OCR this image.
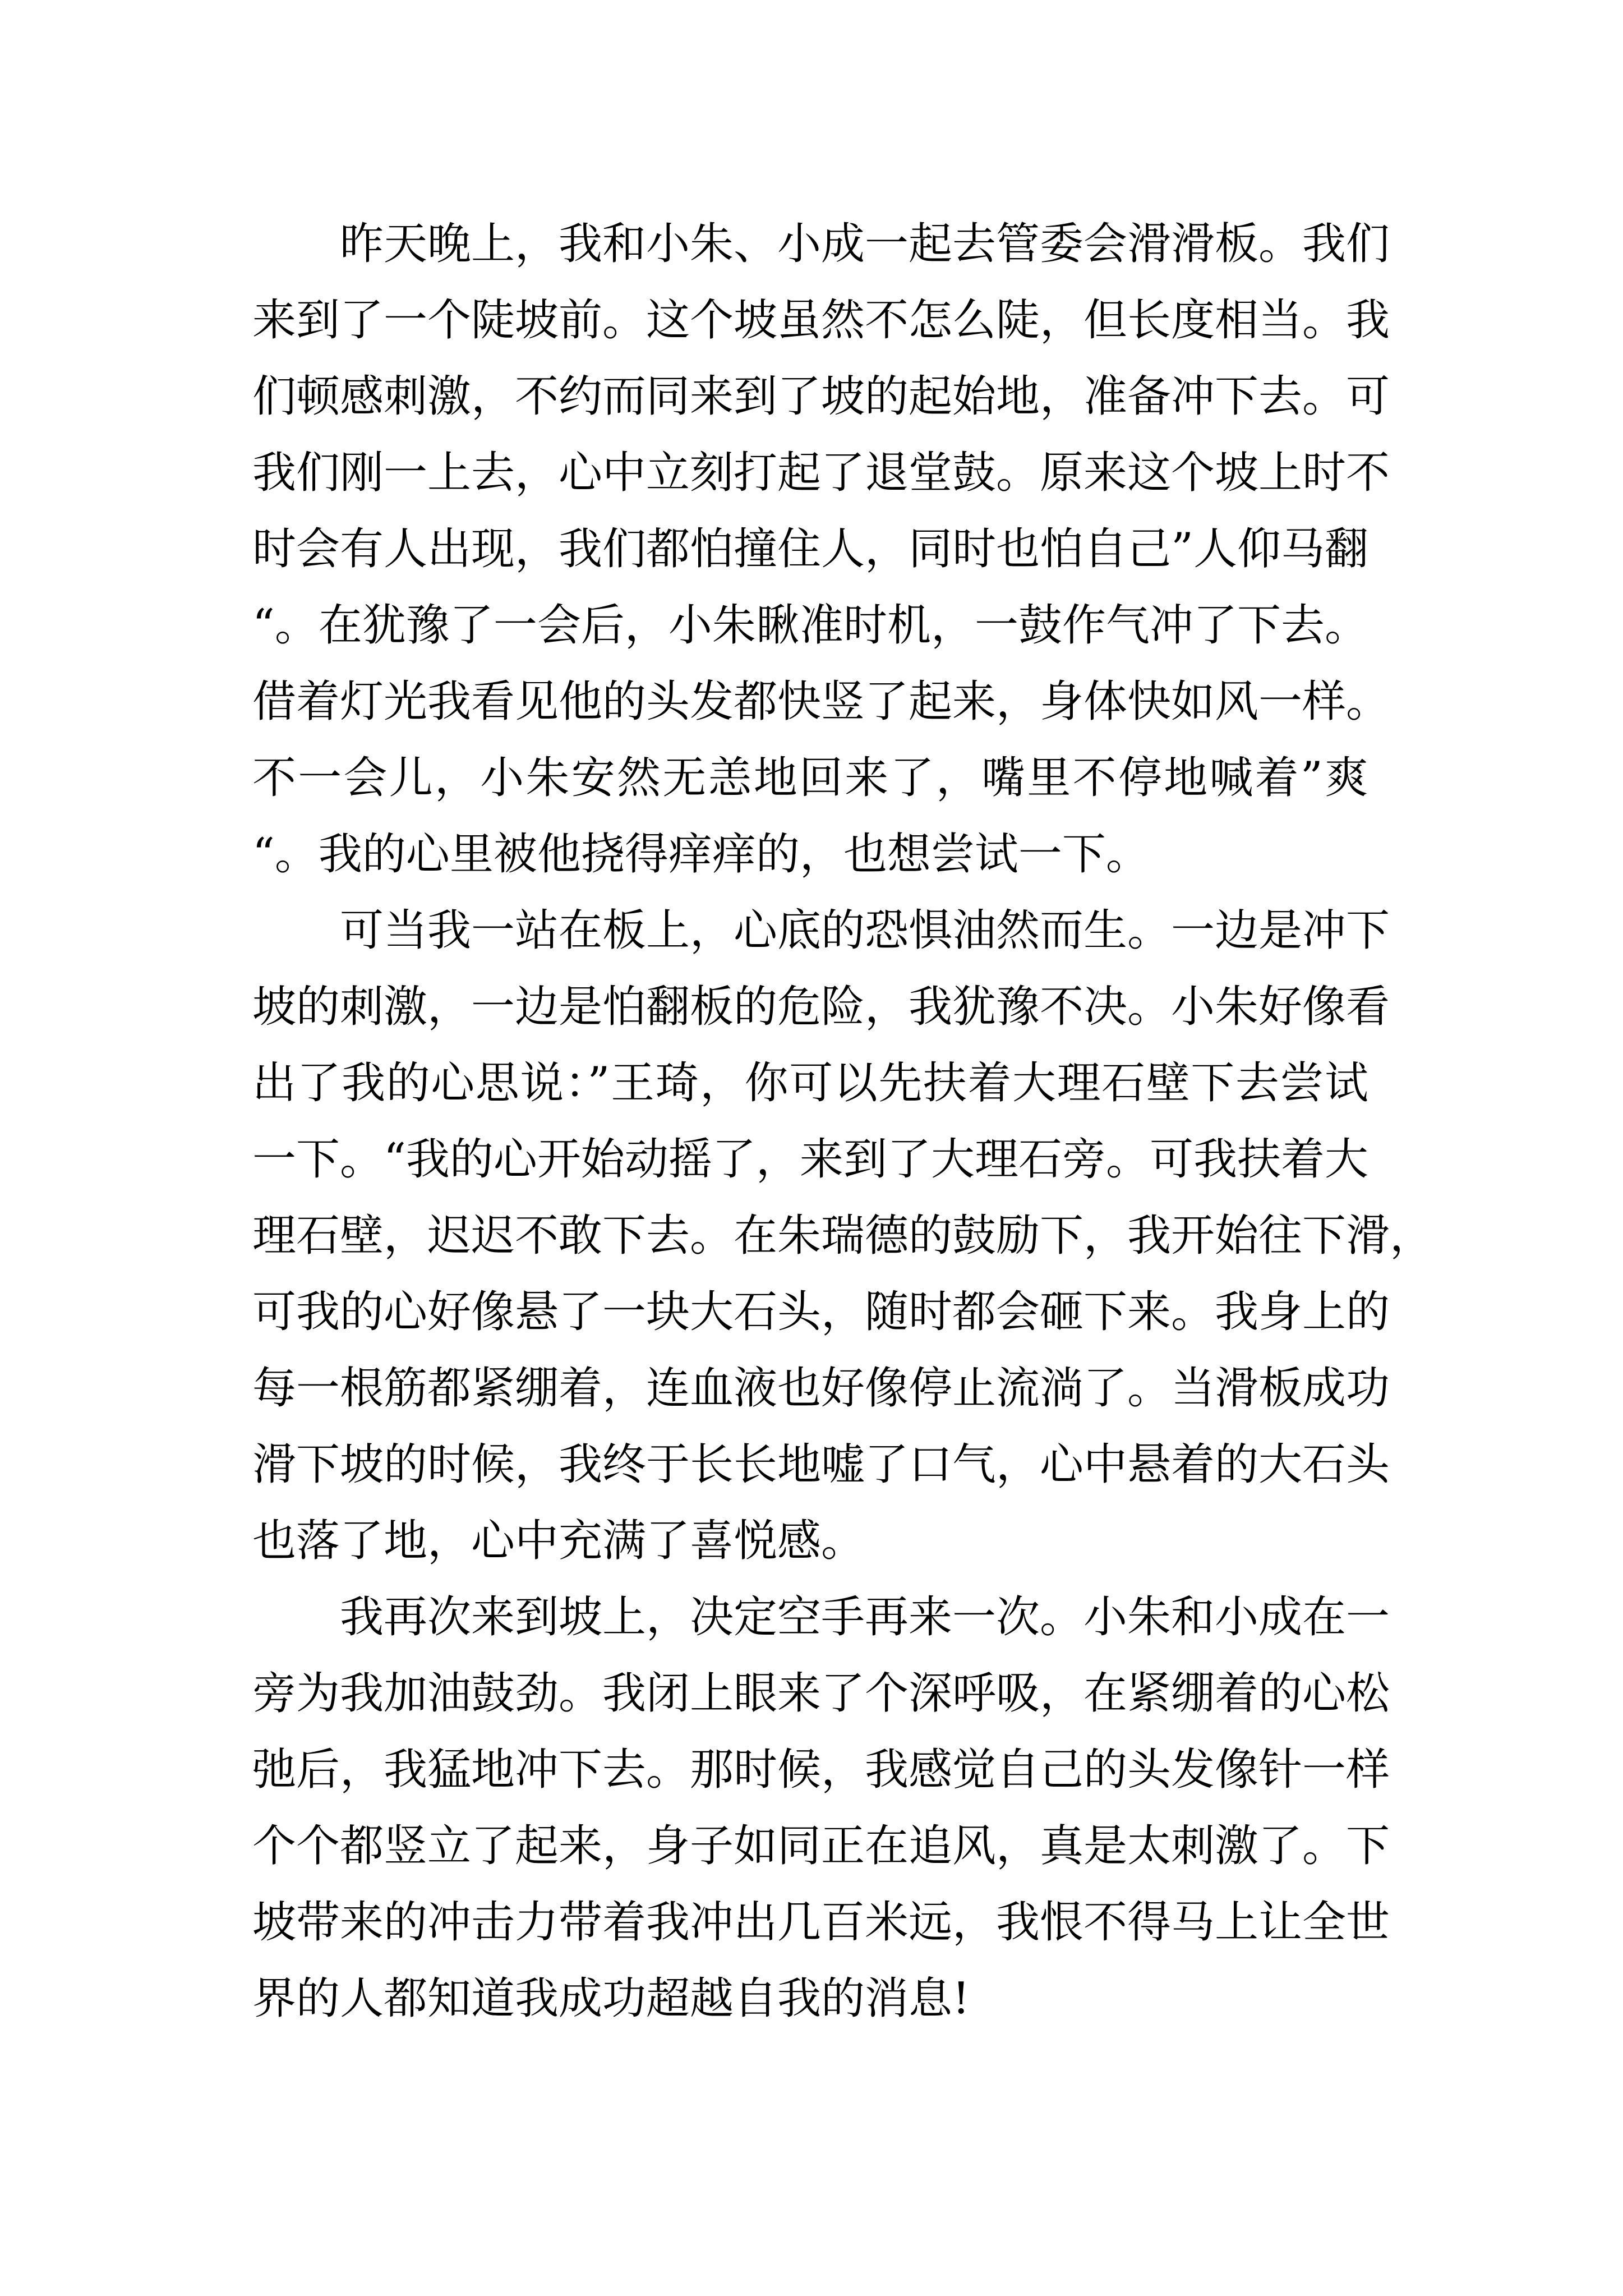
昨天晚上，我和小朱、小成一起去管委会滑滑板。我们
来到了一个陡坡前。这个坡虽然不怎么陡，但长度相当。我
们顿感刺激，不约而同来到了坡的起始地，准备冲下去。可
我们刚一上去，心中立刻打起了退堂鼓。原来这个坡上时不
时会有人出现，我们都怕撞住人，同时也怕自己”人仰马翻
“。在犹豫了一会后，小朱瞅准时机，一鼓作气冲了下去。
借着灯光我看见他的头发都快竖了起来，身体快如风一样。
不一会儿，小朱安然无恙地回来了，嘴里不停地喊着”爽
“。我的心里被他挠得痒痒的，也想尝试一下。
可当我一站在板上，心底的恐惧油然而生。一边是冲下
坡的刺激，一边是怕翻板的危险，我犹豫不决。小朱好像看
出了我的心思说：”王琦，你可以先扶着大理石壁下去尝试
一下。“我的心开始动摇了，来到了大理石旁。可我扶着大
理石壁，迟迟不敢下去。在朱瑞德的鼓励下，我开始往下滑，
可我的心好像悬了一块大石头，随时都会砸下来。我身上的
每一根筋都紧绷着，连血液也好像停止流淌了。当滑板成功
滑下坡的时候，我终于长长地嘘了口气，心中悬着的大石头
也落了地，心中充满了喜悦感。
我再次来到坡上，决定空手再来一次。小朱和小成在一
旁为我加油鼓劲。我闭上眼来了个深呼吸，在紧绷着的心松
弛后，我猛地冲下去。那时候，我感觉自己的头发像针一样
个个都竖立了起来，身子如同正在追风，真是太刺激了。下
坡带来的冲击力带着我冲出几百米远，我恨不得马上让全世
界的人都知道我成功超越自我的消息!
